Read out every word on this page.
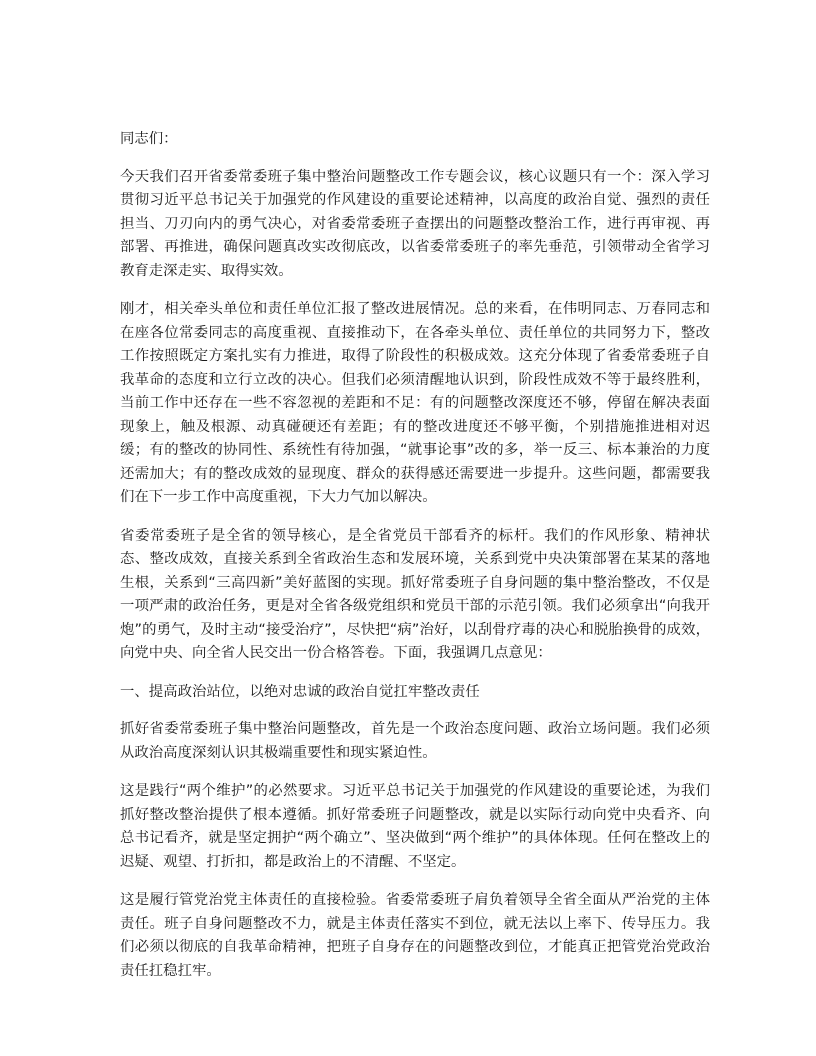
同志们：

今天我们召开省委常委班子集中整治问题整改工作专题会议，核心议题只有一个：深入学习贯彻习近平总书记关于加强党的作风建设的重要论述精神，以高度的政治自觉、强烈的责任担当、刀刃向内的勇气决心，对省委常委班子查摆出的问题整改整治工作，进行再审视、再部署、再推进，确保问题真改实改彻底改，以省委常委班子的率先垂范，引领带动全省学习教育走深走实、取得实效。

刚才，相关牵头单位和责任单位汇报了整改进展情况。总的来看，在伟明同志、万春同志和在座各位常委同志的高度重视、直接推动下，在各牵头单位、责任单位的共同努力下，整改工作按照既定方案扎实有力推进，取得了阶段性的积极成效。这充分体现了省委常委班子自我革命的态度和立行立改的决心。但我们必须清醒地认识到，阶段性成效不等于最终胜利，当前工作中还存在一些不容忽视的差距和不足：有的问题整改深度还不够，停留在解决表面现象上，触及根源、动真碰硬还有差距；有的整改进度还不够平衡，个别措施推进相对迟缓；有的整改的协同性、系统性有待加强，“就事论事”改的多，举一反三、标本兼治的力度还需加大；有的整改成效的显现度、群众的获得感还需要进一步提升。这些问题，都需要我们在下一步工作中高度重视，下大力气加以解决。

省委常委班子是全省的领导核心，是全省党员干部看齐的标杆。我们的作风形象、精神状态、整改成效，直接关系到全省政治生态和发展环境，关系到党中央决策部署在某某的落地生根，关系到“三高四新”美好蓝图的实现。抓好常委班子自身问题的集中整治整改，不仅是一项严肃的政治任务，更是对全省各级党组织和党员干部的示范引领。我们必须拿出“向我开炮”的勇气，及时主动“接受治疗”，尽快把“病”治好，以刮骨疗毒的决心和脱胎换骨的成效，向党中央、向全省人民交出一份合格答卷。下面，我强调几点意见：

一、提高政治站位，以绝对忠诚的政治自觉扛牢整改责任

抓好省委常委班子集中整治问题整改，首先是一个政治态度问题、政治立场问题。我们必须从政治高度深刻认识其极端重要性和现实紧迫性。

这是践行“两个维护”的必然要求。习近平总书记关于加强党的作风建设的重要论述，为我们抓好整改整治提供了根本遵循。抓好常委班子问题整改，就是以实际行动向党中央看齐、向总书记看齐，就是坚定拥护“两个确立”、坚决做到“两个维护”的具体体现。任何在整改上的迟疑、观望、打折扣，都是政治上的不清醒、不坚定。

这是履行管党治党主体责任的直接检验。省委常委班子肩负着领导全省全面从严治党的主体责任。班子自身问题整改不力，就是主体责任落实不到位，就无法以上率下、传导压力。我们必须以彻底的自我革命精神，把班子自身存在的问题整改到位，才能真正把管党治党政治责任扛稳扛牢。
